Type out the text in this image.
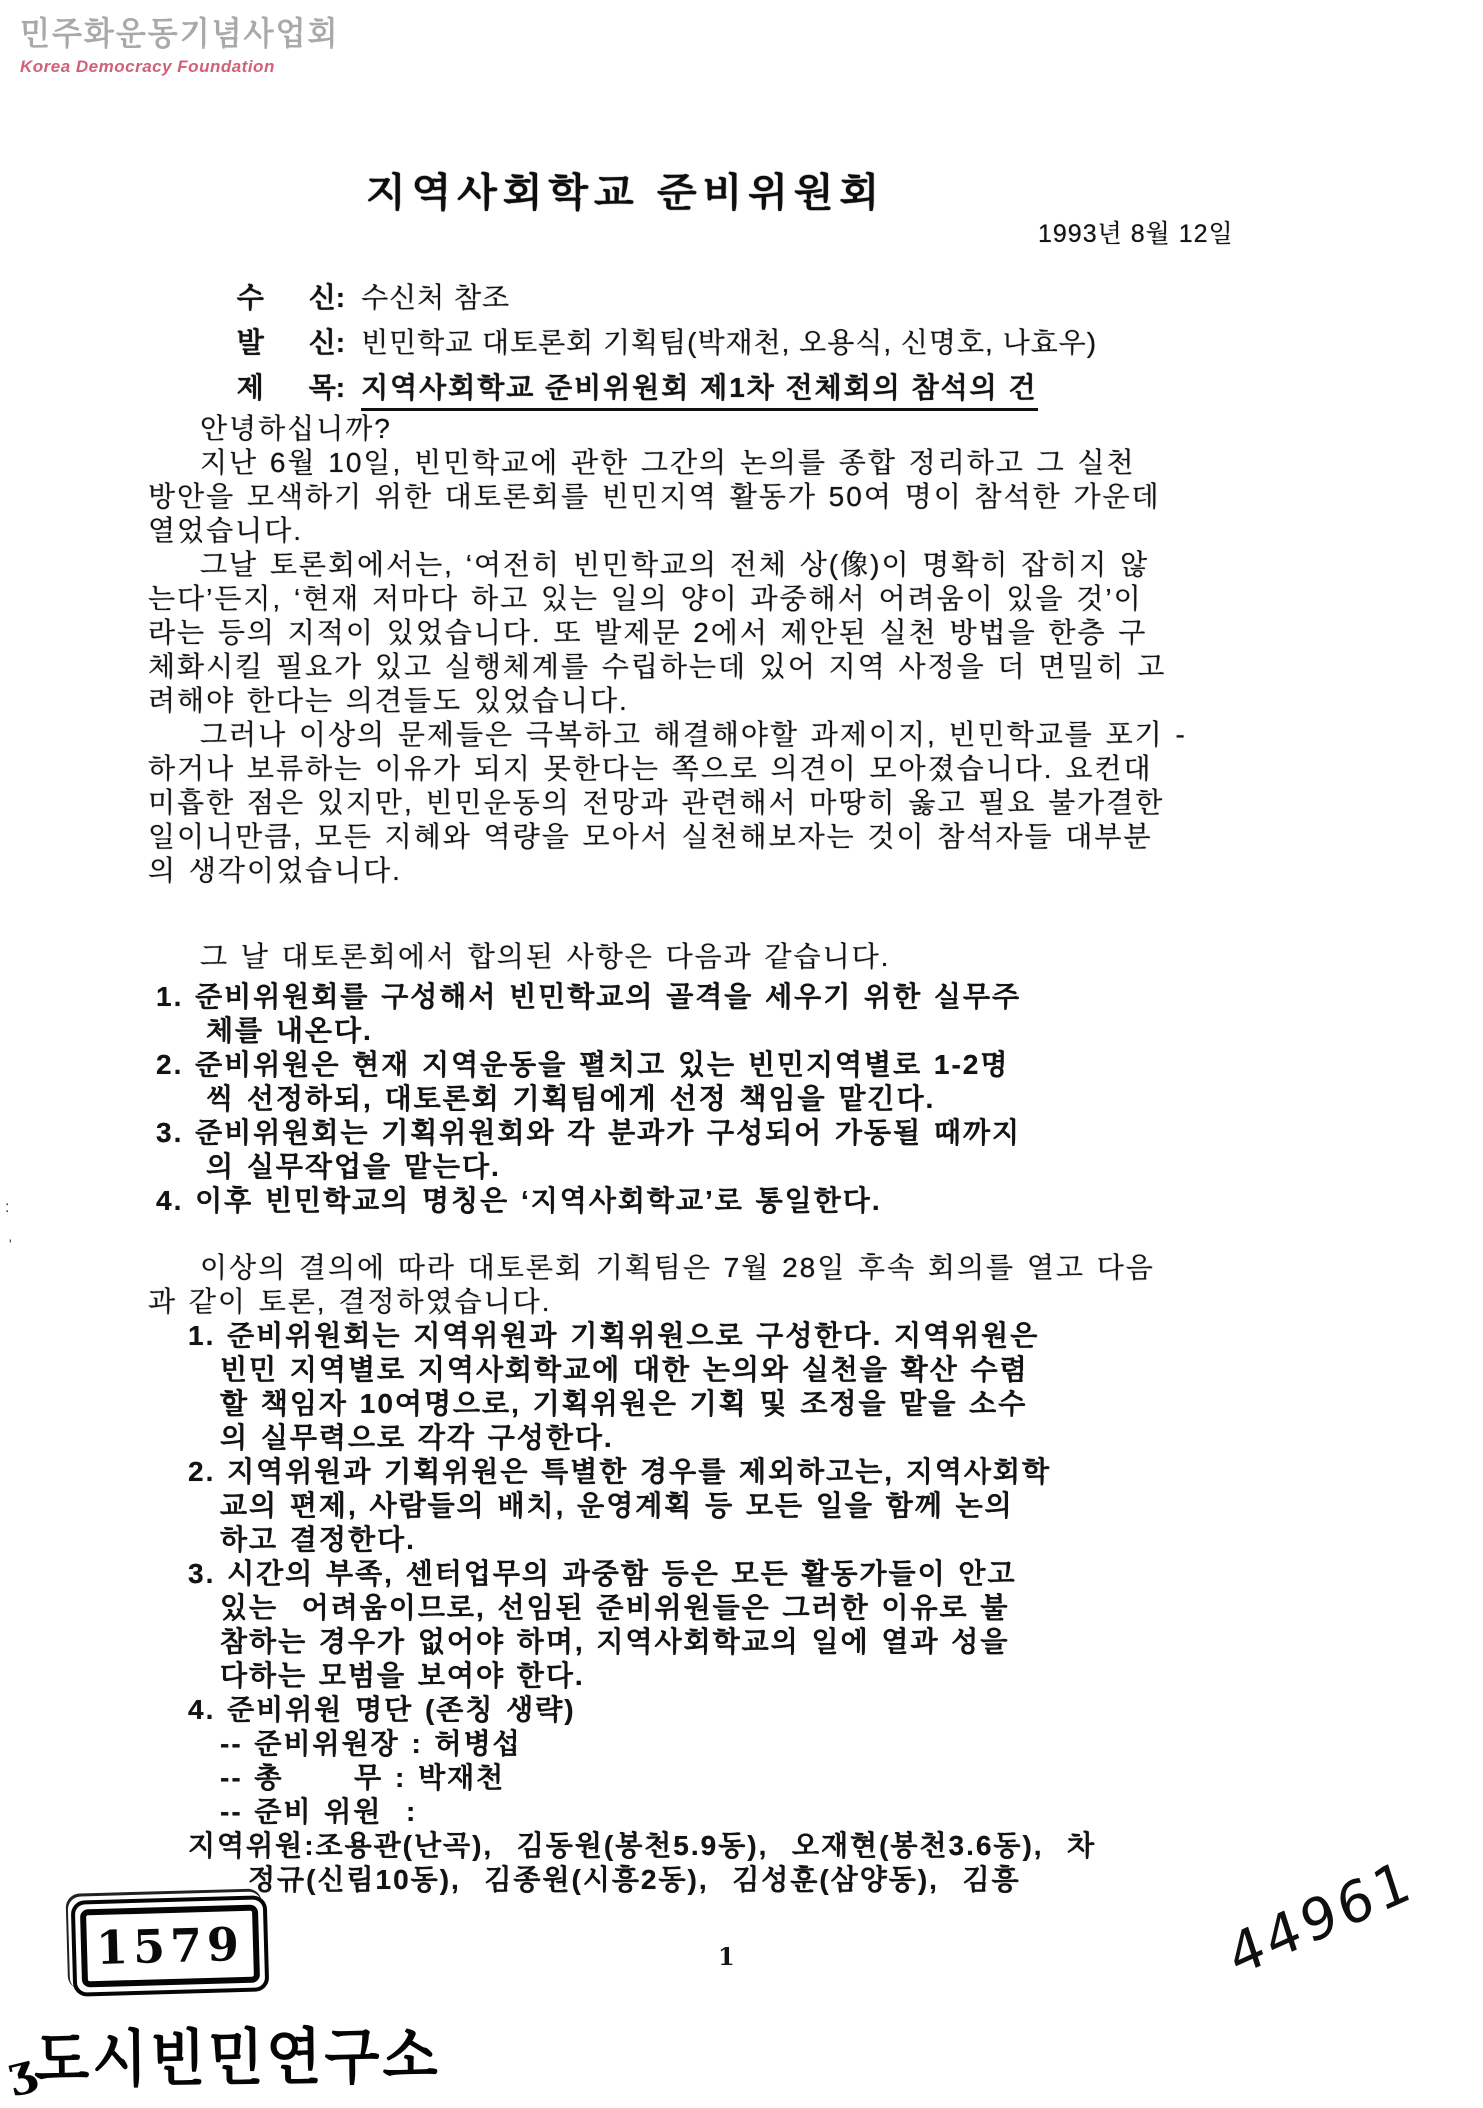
민주화운동기념사업회
Korea Democracy Foundation
지역사회학교 준비위원회
1993년 8월 12일

수 신: 수신처 참조

발 신: 빈민학교 대토론회 기획팀(박재천, 오용식, 신명호, 나효우)

제 목: 지역사회학교 준비위원회 제1차 전체회의 참석의 건

안녕하십니까?
지난 6월 10일, 빈민학교에 관한 그간의 논의를 종합 정리하고 그 실천
방안을 모색하기 위한 대토론회를 빈민지역 활동가 50여 명이 참석한 가운데
열었습니다.
그날 토론회에서는, ‘여전히 빈민학교의 전체 상(像)이 명확히 잡히지 않
는다’든지, ‘현재 저마다 하고 있는 일의 양이 과중해서 어려움이 있을 것’이
라는 등의 지적이 있었습니다. 또 발제문 2에서 제안된 실천 방법을 한층 구
체화시킬 필요가 있고 실행체계를 수립하는데 있어 지역 사정을 더 면밀히 고
려해야 한다는 의견들도 있었습니다.
그러나 이상의 문제들은 극복하고 해결해야할 과제이지, 빈민학교를 포기 -
하거나 보류하는 이유가 되지 못한다는 쪽으로 의견이 모아졌습니다. 요컨대
미흡한 점은 있지만, 빈민운동의 전망과 관련해서 마땅히 옳고 필요 불가결한
일이니만큼, 모든 지혜와 역량을 모아서 실천해보자는 것이 참석자들 대부분
의 생각이었습니다.
그 날 대토론회에서 합의된 사항은 다음과 같습니다.
1. 준비위원회를 구성해서 빈민학교의 골격을 세우기 위한 실무주
체를 내온다.
2. 준비위원은 현재 지역운동을 펼치고 있는 빈민지역별로 1-2명
씩 선정하되, 대토론회 기획팀에게 선정 책임을 맡긴다.
3. 준비위원회는 기획위원회와 각 분과가 구성되어 가동될 때까지
의 실무작업을 맡는다.
4. 이후 빈민학교의 명칭은 ‘지역사회학교’로 통일한다.
이상의 결의에 따라 대토론회 기획팀은 7월 28일 후속 회의를 열고 다음
과 같이 토론, 결정하였습니다.
1. 준비위원회는 지역위원과 기획위원으로 구성한다. 지역위원은
빈민 지역별로 지역사회학교에 대한 논의와 실천을 확산 수렴
할 책임자 10여명으로, 기획위원은 기획 및 조정을 맡을 소수
의 실무력으로 각각 구성한다.
2. 지역위원과 기획위원은 특별한 경우를 제외하고는, 지역사회학
교의 편제, 사람들의 배치, 운영계획 등 모든 일을 함께 논의
하고 결정한다.
3. 시간의 부족, 센터업무의 과중함 등은 모든 활동가들이 안고
있는  어려움이므로, 선임된 준비위원들은 그러한 이유로 불
참하는 경우가 없어야 하며, 지역사회학교의 일에 열과 성을
다하는 모범을 보여야 한다.
4. 준비위원 명단 (존칭 생략)
-- 준비위원장 : 허병섭
-- 총      무 : 박재천
-- 준비 위원  :
지역위원:조용관(난곡),  김동원(봉천5.9동),  오재현(봉천3.6동),  차
정규(신림10동),  김종원(시흥2동),  김성훈(삼양동),  김흥
1579	1	44961
도시빈민연구소
ʒ
:
'
